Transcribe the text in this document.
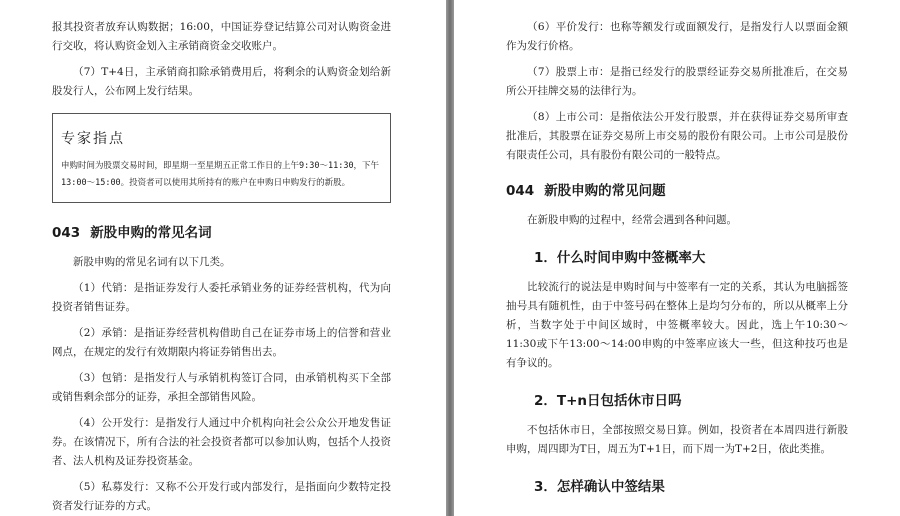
报其投资者放弃认购数据；16:00，中国证券登记结算公司对认购资金进行交收，将认购资金划入主承销商资金交收账户。

（7）T+4日，主承销商扣除承销费用后，将剩余的认购资金划给新股发行人，公布网上发行结果。

专家指点
申购时间为股票交易时间，即星期一至星期五正常工作日的上午9:30～11:30，下午13:00～15:00。投资者可以使用其所持有的账户在申购日申购发行的新股。
043 新股申购的常见名词

新股申购的常见名词有以下几类。

（1）代销：是指证券发行人委托承销业务的证券经营机构，代为向投资者销售证券。

（2）承销：是指证券经营机构借助自己在证券市场上的信誉和营业网点，在规定的发行有效期限内将证券销售出去。

（3）包销：是指发行人与承销机构签订合同，由承销机构买下全部或销售剩余部分的证券，承担全部销售风险。

（4）公开发行：是指发行人通过中介机构向社会公众公开地发售证券。在该情况下，所有合法的社会投资者都可以参加认购，包括个人投资者、法人机构及证券投资基金。

（5）私募发行：又称不公开发行或内部发行，是指面向少数特定投资者发行证券的方式。

（6）平价发行：也称等额发行或面额发行，是指发行人以票面金额作为发行价格。

（7）股票上市：是指已经发行的股票经证券交易所批准后，在交易所公开挂牌交易的法律行为。

（8）上市公司：是指依法公开发行股票，并在获得证券交易所审查批准后，其股票在证券交易所上市交易的股份有限公司。上市公司是股份有限责任公司，具有股份有限公司的一般特点。

044 新股申购的常见问题

在新股申购的过程中，经常会遇到各种问题。

1．什么时间申购中签概率大

比较流行的说法是申购时间与中签率有一定的关系，其认为电脑摇签抽号具有随机性，由于中签号码在整体上是均匀分布的，所以从概率上分析，当数字处于中间区域时，中签概率较大。因此，选上午10:30～11:30或下午13:00～14:00申购的中签率应该大一些，但这种技巧也是有争议的。

2．T+n日包括休市日吗

不包括休市日，全部按照交易日算。例如，投资者在本周四进行新股申购，周四即为T日，周五为T+1日，而下周一为T+2日，依此类推。

3．怎样确认中签结果
